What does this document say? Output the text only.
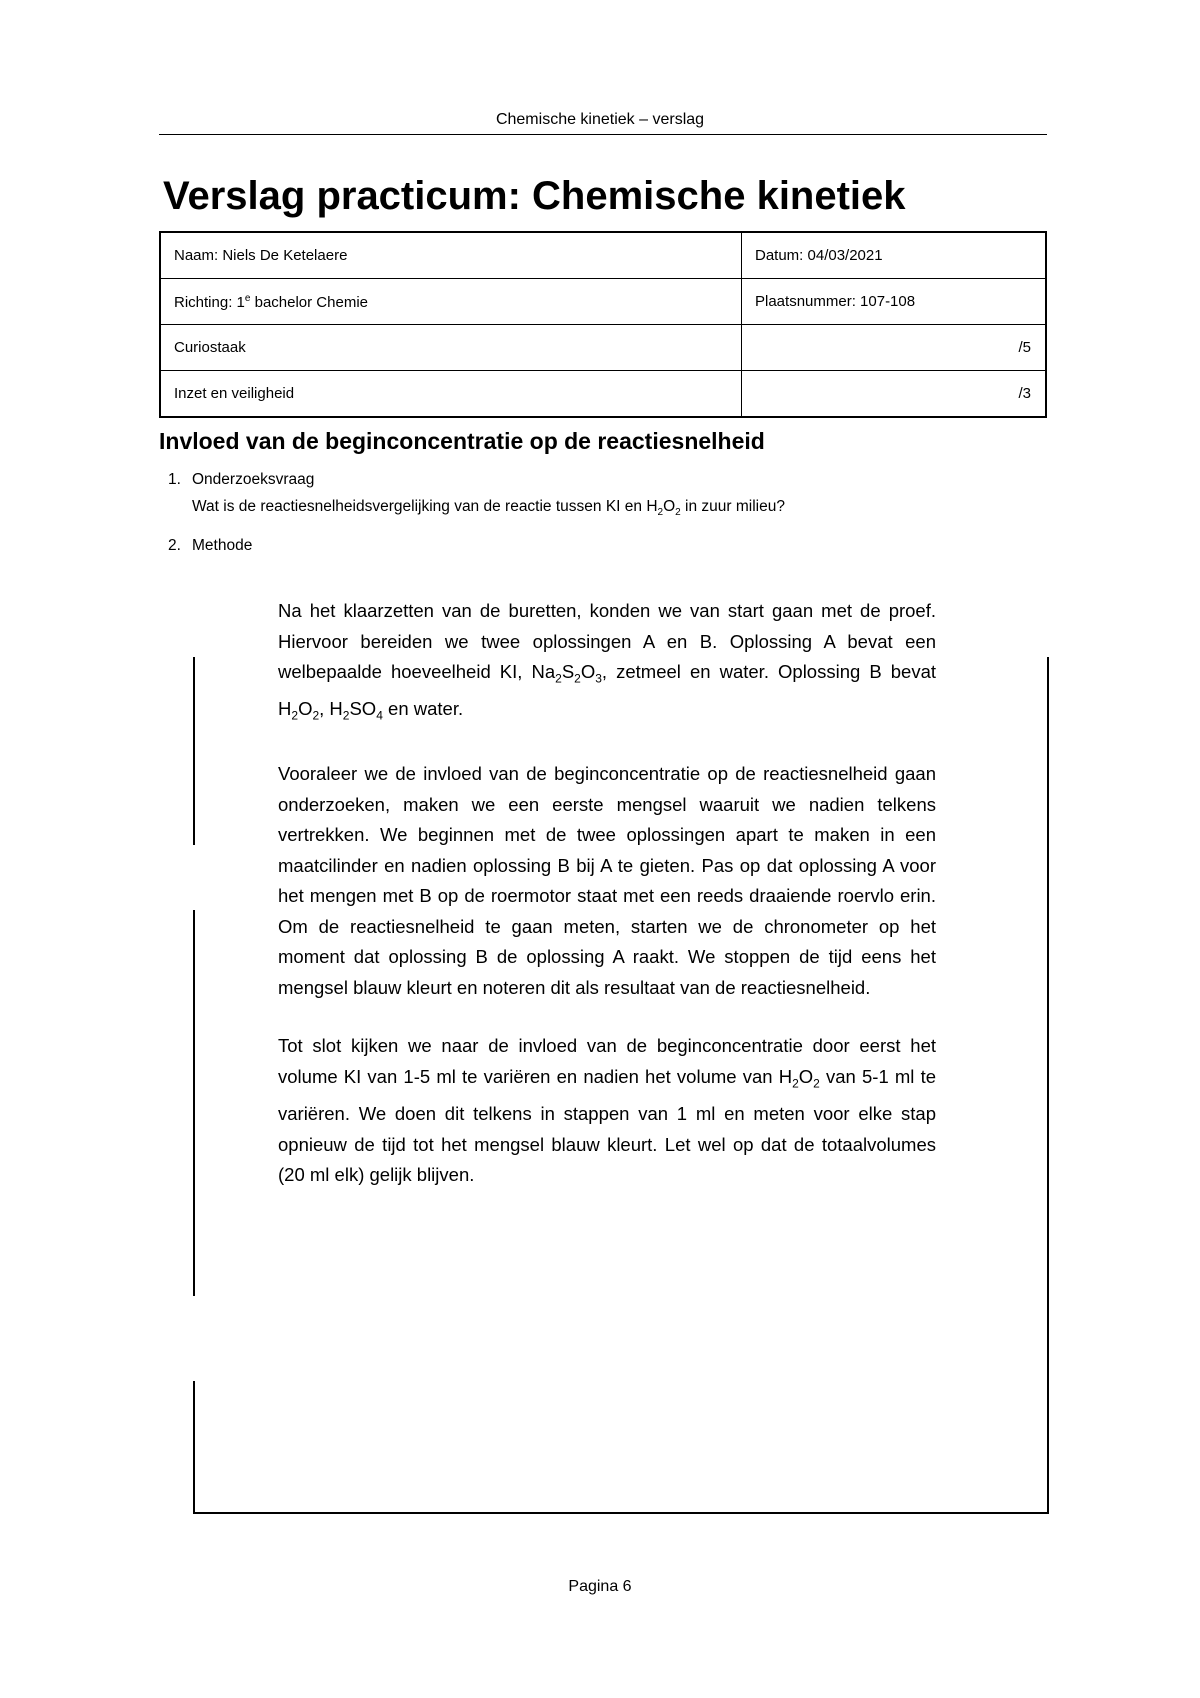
Chemische kinetiek – verslag
Verslag practicum: Chemische kinetiek
Naam: Niels De Ketelaere	Datum: 04/03/2021
Richting: 1e bachelor Chemie	Plaatsnummer: 107-108
Curiostaak	/5
Inzet en veiligheid	/3
Invloed van de beginconcentratie op de reactiesnelheid
1. Onderzoeksvraag
Wat is de reactiesnelheidsvergelijking van de reactie tussen KI en $H_2O_2$ in zuur milieu?
2. Methode

Na het klaarzetten van de buretten, konden we van start gaan met de proef. Hiervoor bereiden we twee oplossingen A en B. Oplossing A bevat een welbepaalde hoeveelheid KI, $Na_2S_2O_3$, zetmeel en water. Oplossing B bevat $H_2O_2$, $H_2SO_4$ en water.

Vooraleer we de invloed van de beginconcentratie op de reactiesnelheid gaan onderzoeken, maken we een eerste mengsel waaruit we nadien telkens vertrekken. We beginnen met de twee oplossingen apart te maken in een maatcilinder en nadien oplossing B bij A te gieten. Pas op dat oplossing A voor het mengen met B op de roermotor staat met een reeds draaiende roervlo erin. Om de reactiesnelheid te gaan meten, starten we de chronometer op het moment dat oplossing B de oplossing A raakt. We stoppen de tijd eens het mengsel blauw kleurt en noteren dit als resultaat van de reactiesnelheid.

Tot slot kijken we naar de invloed van de beginconcentratie door eerst het volume KI van 1-5 ml te variëren en nadien het volume van $H_2O_2$ van 5-1 ml te variëren. We doen dit telkens in stappen van 1 ml en meten voor elke stap opnieuw de tijd tot het mengsel blauw kleurt. Let wel op dat de totaalvolumes (20 ml elk) gelijk blijven.

Pagina 6
